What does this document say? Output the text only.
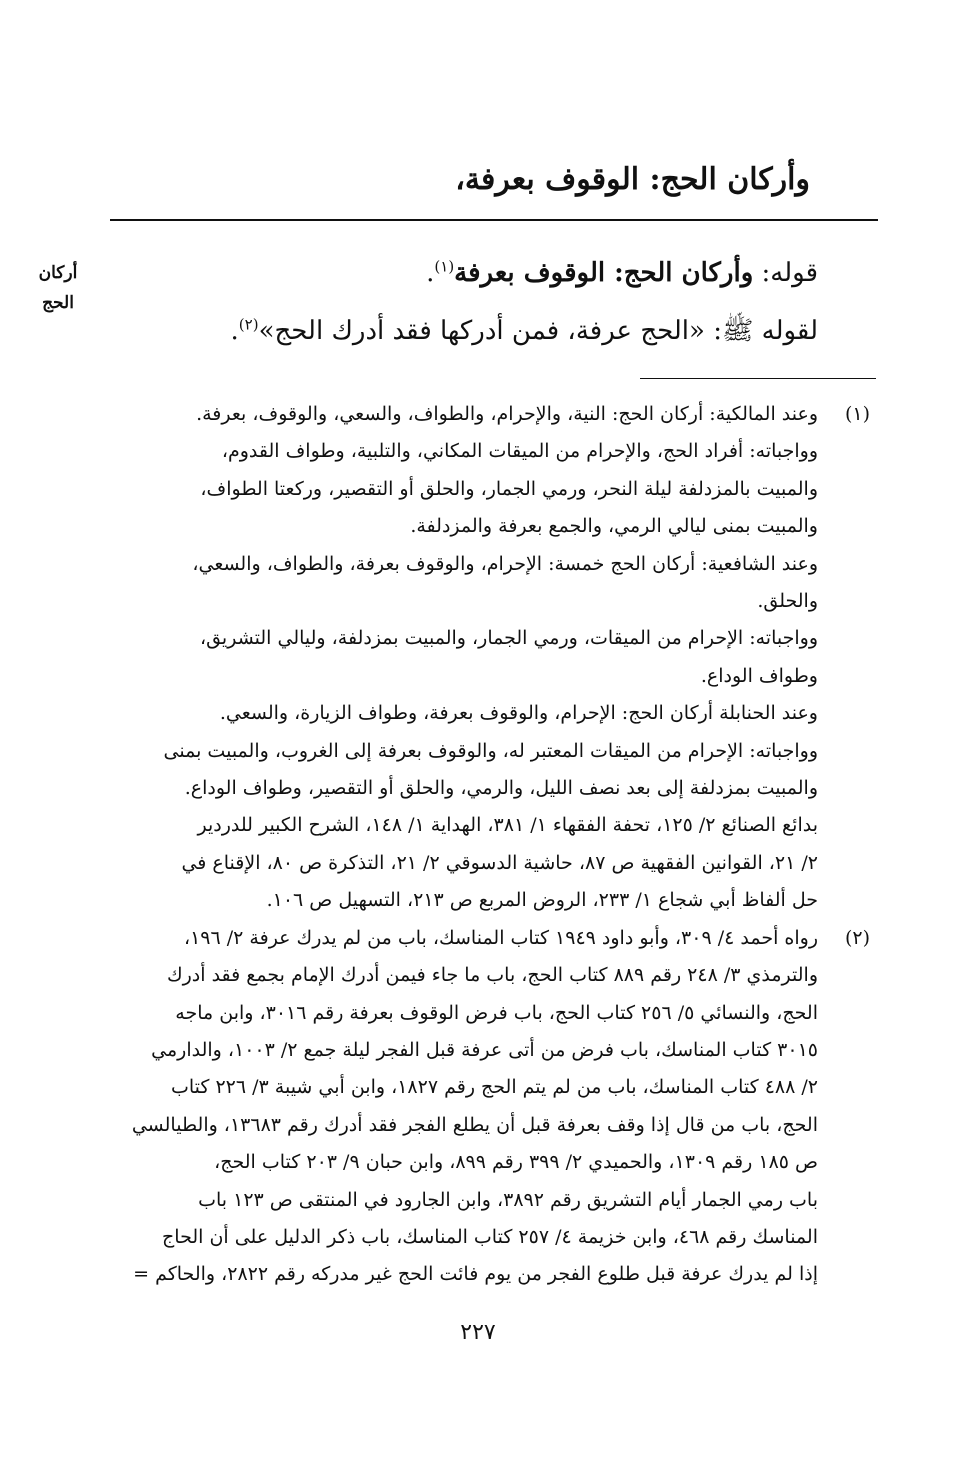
وأركان الحج: الوقوف بعرفة،
أركان
الحج
قوله: وأركان الحج: الوقوف بعرفة$^{(١)}$.
لقوله ﷺ: «الحج عرفة، فمن أدركها فقد أدرك الحج»$^{(٢)}$.
(١)
وعند المالكية: أركان الحج: النية، والإحرام، والطواف، والسعي، والوقوف، بعرفة.
وواجباته: أفراد الحج، والإحرام من الميقات المكاني، والتلبية، وطواف القدوم،
والمبيت بالمزدلفة ليلة النحر، ورمي الجمار، والحلق أو التقصير، وركعتا الطواف،
والمبيت بمنى ليالي الرمي، والجمع بعرفة والمزدلفة.
وعند الشافعية: أركان الحج خمسة: الإحرام، والوقوف بعرفة، والطواف، والسعي،
والحلق.
وواجباته: الإحرام من الميقات، ورمي الجمار، والمبيت بمزدلفة، وليالي التشريق،
وطواف الوداع.
وعند الحنابلة أركان الحج: الإحرام، والوقوف بعرفة، وطواف الزيارة، والسعي.
وواجباته: الإحرام من الميقات المعتبر له، والوقوف بعرفة إلى الغروب، والمبيت بمنى
والمبيت بمزدلفة إلى بعد نصف الليل، والرمي، والحلق أو التقصير، وطواف الوداع.
بدائع الصنائع ٢/ ١٢٥، تحفة الفقهاء ١/ ٣٨١، الهداية ١/ ١٤٨، الشرح الكبير للدردير
٢/ ٢١، القوانين الفقهية ص ٨٧، حاشية الدسوقي ٢/ ٢١، التذكرة ص ٨٠، الإقناع في
حل ألفاظ أبي شجاع ١/ ٢٣٣، الروض المربع ص ٢١٣، التسهيل ص ١٠٦.
(٢)
رواه أحمد ٤/ ٣٠٩، وأبو داود ١٩٤٩ كتاب المناسك، باب من لم يدرك عرفة ٢/ ١٩٦،
والترمذي ٣/ ٢٤٨ رقم ٨٨٩ كتاب الحج، باب ما جاء فيمن أدرك الإمام بجمع فقد أدرك
الحج، والنسائي ٥/ ٢٥٦ كتاب الحج، باب فرض الوقوف بعرفة رقم ٣٠١٦، وابن ماجه
٣٠١٥ كتاب المناسك، باب فرض من أتى عرفة قبل الفجر ليلة جمع ٢/ ١٠٠٣، والدارمي
٢/ ٤٨٨ كتاب المناسك، باب من لم يتم الحج رقم ١٨٢٧، وابن أبي شيبة ٣/ ٢٢٦ كتاب
الحج، باب من قال إذا وقف بعرفة قبل أن يطلع الفجر فقد أدرك رقم ١٣٦٨٣، والطيالسي
ص ١٨٥ رقم ١٣٠٩، والحميدي ٢/ ٣٩٩ رقم ٨٩٩، وابن حبان ٩/ ٢٠٣ كتاب الحج،
باب رمي الجمار أيام التشريق رقم ٣٨٩٢، وابن الجارود في المنتقى ص ١٢٣ باب
المناسك رقم ٤٦٨، وابن خزيمة ٤/ ٢٥٧ كتاب المناسك، باب ذكر الدليل على أن الحاج
إذا لم يدرك عرفة قبل طلوع الفجر من يوم فائت الحج غير مدركه رقم ٢٨٢٢، والحاكم =
٢٢٧
